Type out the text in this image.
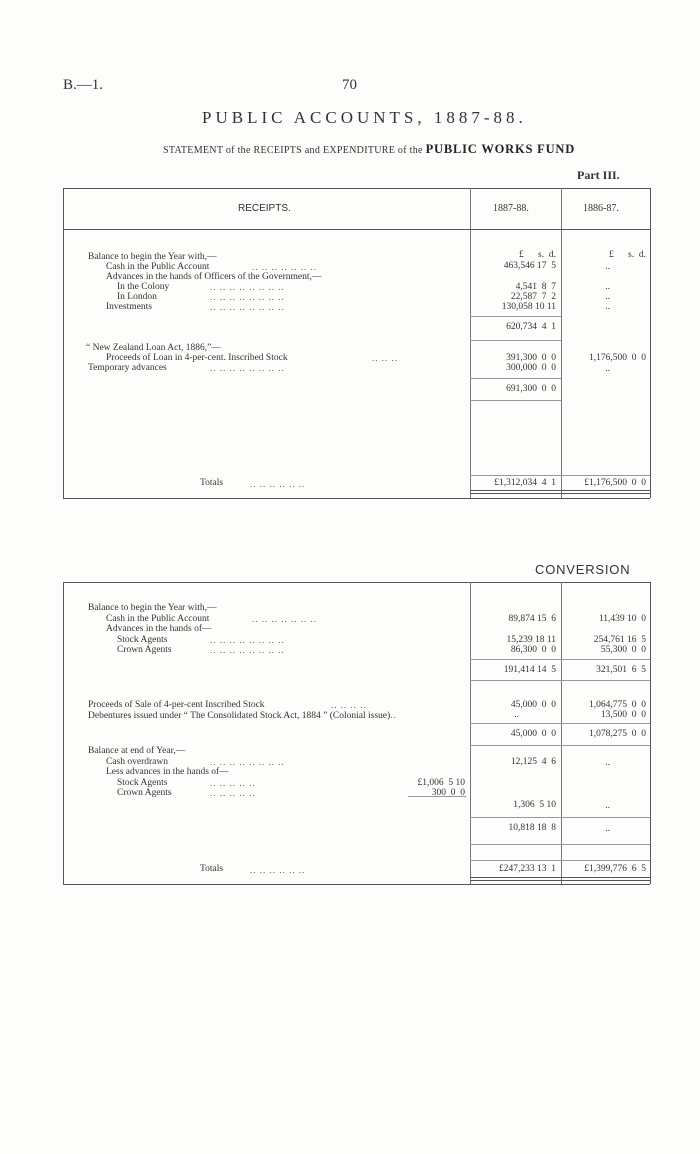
B.—1.	70
PUBLIC ACCOUNTS, 1887-88.
STATEMENT of the RECEIPTS and EXPENDITURE of the PUBLIC WORKS FUND
Part III.
RECEIPTS.	1887-88.	1886-87.
£      s.  d.	£      s.  d.
Balance to begin the Year with,—
Cash in the Public Account	.. .. .. .. .. .. ..	463,546 17  5	..
Advances in the hands of Officers of the Government,—
In the Colony	.. .. .. .. .. .. .. ..	4,541  8  7	..
In London	.. .. .. .. .. .. .. ..	22,587  7  2	..
Investments	.. .. .. .. .. .. .. ..	130,058 10 11	..
620,734  4  1
“ New Zealand Loan Act, 1886,”—
Proceeds of Loan in 4-per-cent. Inscribed Stock	.. .. ..	391,300  0  0	1,176,500  0  0
Temporary advances	.. .. .. .. .. .. .. ..	300,000  0  0	..
691,300  0  0
Totals	.. .. .. .. .. ..	£1,312,034  4  1	£1,176,500  0  0
CONVERSION
Balance to begin the Year with,—
Cash in the Public Account	.. .. .. .. .. .. ..	89,874 15  6	11,439 10  0
Advances in the hands of—
Stock Agents	.. .. .. .. .. .. .. ..	15,239 18 11	254,761 16  5
Crown Agents	.. .. .. .. .. .. .. ..	86,300  0  0	55,300  0  0
191,414 14  5	321,501  6  5
Proceeds of Sale of 4-per-cent Inscribed Stock	.. .. .. ..	45,000  0  0	1,064,775  0  0
Debentures issued under “ The Consolidated Stock Act, 1884 ” (Colonial issue)..	..	13,500  0  0
45,000  0  0	1,078,275  0  0
Balance at end of Year,—
Cash overdrawn	.. .. .. .. .. .. .. ..	12,125  4  6	..
Less advances in the hands of—
Stock Agents	.. .. .. .. ..	£1,006  5 10
Crown Agents	.. .. .. .. ..	300  0  0
1,306  5 10	..
10,818 18  8	..
Totals	.. .. .. .. .. ..	£247,233 13  1	£1,399,776  6  5
